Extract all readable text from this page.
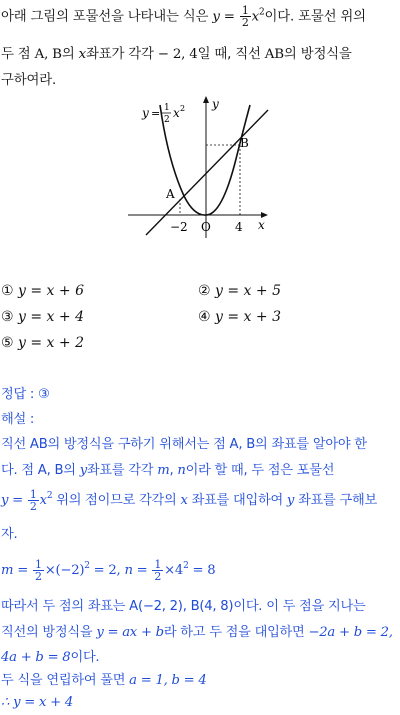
아래 그림의 포물선을 나타내는 식은 $y = \frac{1}{2} x^2$이다. 포물선 위의
두 점 A, B의 x좌표가 각각 − 2, 4일 때, 직선 AB의 방정식을
구하여라.
y = 1
2 x 2 y
x
O
A
B
−2	4
① y = x + 6	② y = x + 5
③ y = x + 4	④ y = x + 3
⑤ y = x + 2
정답 : ③
해설 :
직선 AB의 방정식을 구하기 위해서는 점 A, B의 좌표를 알아야 한
다. 점 A, B의 y좌표를 각각 m, n이라 할 때, 두 점은 포물선
$y = \frac{1}{2} x^2$ 위의 점이므로 각각의 x 좌표를 대입하여 y 좌표를 구해보
자.
$m = \frac{1}{2} \times(-2)^2 = 2$, $n = \frac{1}{2} \times 4^2 = 8$
따라서 두 점의 좌표는 A(−2, 2), B(4, 8)이다. 이 두 점을 지나는
직선의 방정식을 y = ax + b라 하고 두 점을 대입하면 −2a + b = 2,
4a + b = 8이다.
두 식을 연립하여 풀면 a = 1, b = 4
∴ y = x + 4
